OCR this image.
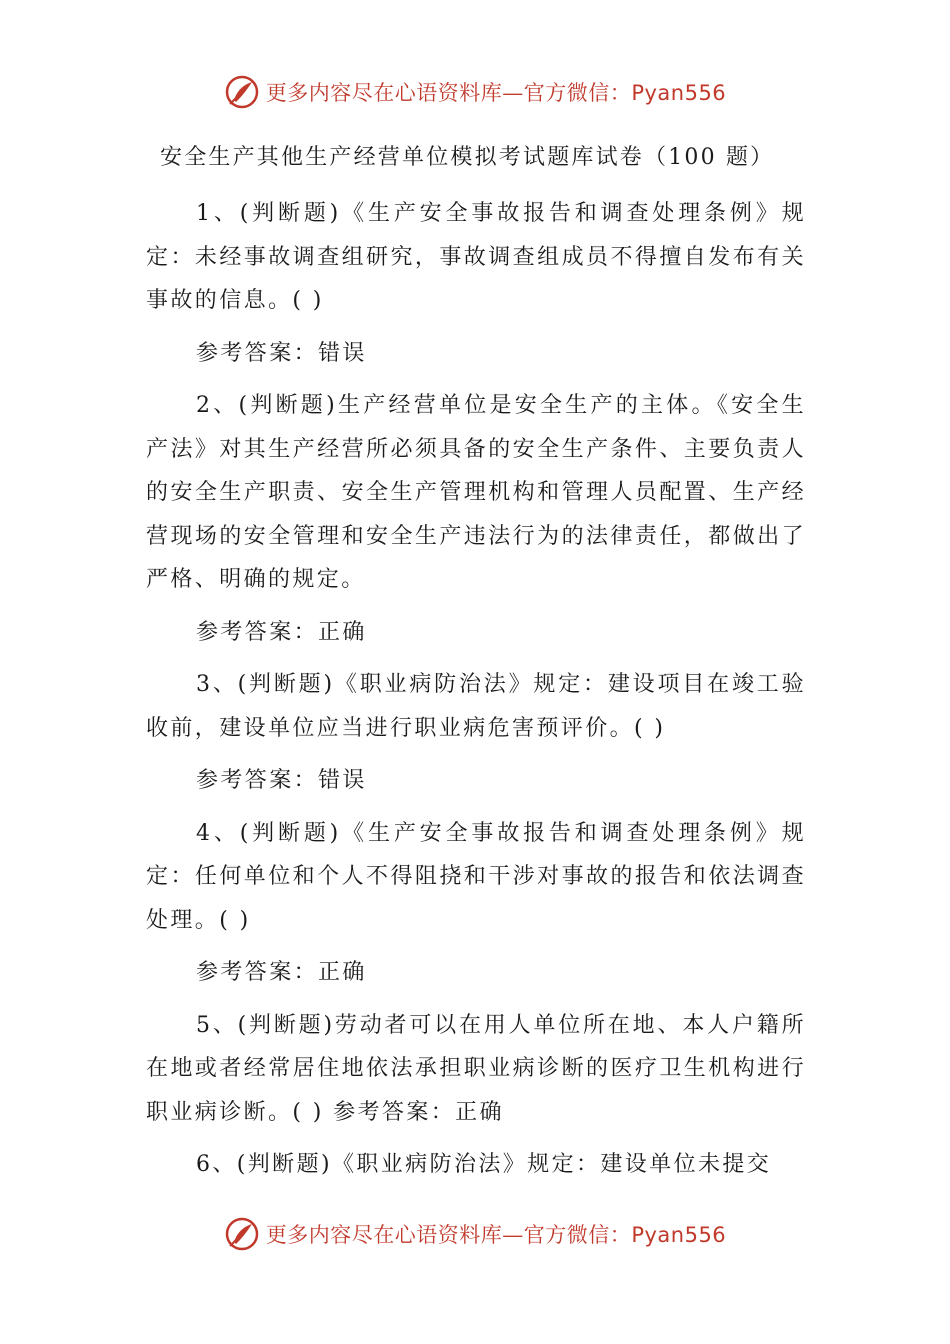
更多内容尽在心语资料库—官方微信：Pyan556
安全生产其他生产经营单位模拟考试题库试卷（100 题）

1、(判断题)《生产安全事故报告和调查处理条例》规定：未经事故调查组研究，事故调查组成员不得擅自发布有关事故的信息。( )

参考答案：错误

2、(判断题)生产经营单位是安全生产的主体。《安全生产法》对其生产经营所必须具备的安全生产条件、主要负责人的安全生产职责、安全生产管理机构和管理人员配置、生产经营现场的安全管理和安全生产违法行为的法律责任，都做出了严格、明确的规定。

参考答案：正确

3、(判断题)《职业病防治法》规定：建设项目在竣工验收前，建设单位应当进行职业病危害预评价。( )

参考答案：错误

4、(判断题)《生产安全事故报告和调查处理条例》规定：任何单位和个人不得阻挠和干涉对事故的报告和依法调查处理。( )

参考答案：正确

5、(判断题)劳动者可以在用人单位所在地、本人户籍所在地或者经常居住地依法承担职业病诊断的医疗卫生机构进行职业病诊断。( ) 参考答案：正确

6、(判断题)《职业病防治法》规定：建设单位未提交

更多内容尽在心语资料库—官方微信：Pyan556
